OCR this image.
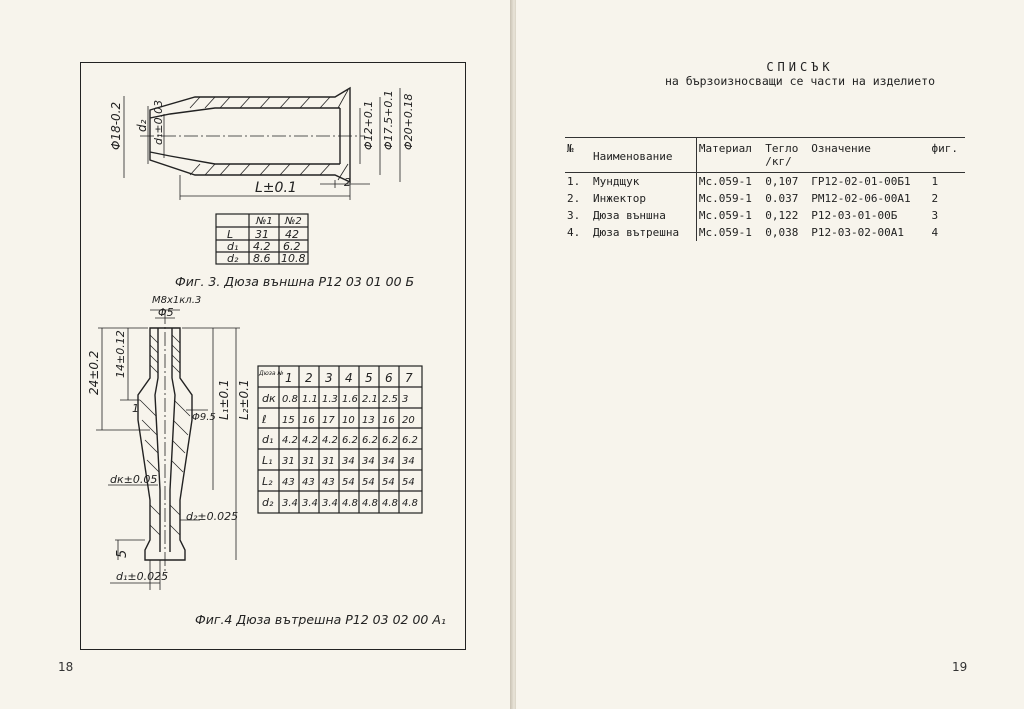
Φ18-0.2 d₂ d₁±0.03	Φ12+0.1 Φ17.5+0.1 Φ20+0.18
L±0.1	2
№1 №2
L 31 42
d₁ 4.2 6.2
d₂ 8.6 10.8
Фиг. 3. Дюза външна Р12 03 01 00 Б
M8x1кл.3
Φ5
24±0.2 14±0.12
1
Φ9.5 L₁±0.1 L₂±0.1
dк±0.05
d₂±0.025
5
d₁±0.025
Дюза № 1 2 3 4 5 6 7
dк 0.8 1.1 1.3 1.6 2.1 2.5 3
ℓ 15 16 17 10 13 16 20
d₁ 4.2 4.2 4.2 6.2 6.2 6.2 6.2
L₁ 31 31 31 34 34 34 34
L₂ 43 43 43 54 54 54 54
d₂ 3.4 3.4 3.4 4.8 4.8 4.8 4.8
Фиг.4 Дюза вътрешна Р12 03 02 00 А₁
18
СПИСЪК
на бързоизносващи се части на изделието
№	Наименование	Материал	Тегло /кг/	Означение	фиг.
1.	Мундщук	Мс.059-1	0,107	ГР12-02-01-00Б1	1
2.	Инжектор	Мс.059-1	0.037	РМ12-02-06-00А1	2
3.	Дюза външна	Мс.059-1	0,122	Р12-03-01-00Б	3
4.	Дюза вътрешна	Мс.059-1	0,038	Р12-03-02-00А1	4
19
